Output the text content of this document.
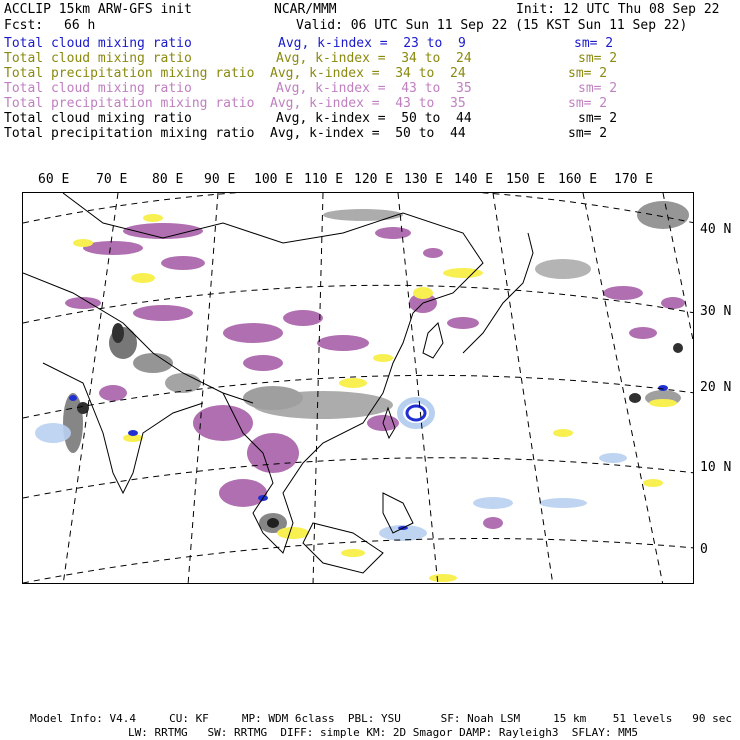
ACCLIP 15km ARW-GFS init	NCAR/MMM	Init: 12 UTC Thu 08 Sep 22
Fcst: 66 h	Valid: 06 UTC Sun 11 Sep 22 (15 KST Sun 11 Sep 22)
Total cloud mixing ratio	Avg, k-index =  23 to  9	sm= 2
Total cloud mixing ratio	Avg, k-index =  34 to  24	sm= 2
Total precipitation mixing ratio Avg, k-index =  34 to  24	sm= 2
Total cloud mixing ratio	Avg, k-index =  43 to  35	sm= 2
Total precipitation mixing ratio Avg, k-index =  43 to  35	sm= 2
Total cloud mixing ratio	Avg, k-index =  50 to  44	sm= 2
Total precipitation mixing ratio Avg, k-index =  50 to  44	sm= 2
60 E 70 E 80 E 90 E 100 E 110 E 120 E 130 E 140 E 150 E 160 E 170 E
40 N
30 N
20 N
10 N
0
Model Info: V4.4     CU: KF     MP: WDM 6class  PBL: YSU      SF: Noah LSM     15 km    51 levels   90 sec
LW: RRTMG   SW: RRTMG  DIFF: simple KM: 2D Smagor DAMP: Rayleigh3  SFLAY: MM5
